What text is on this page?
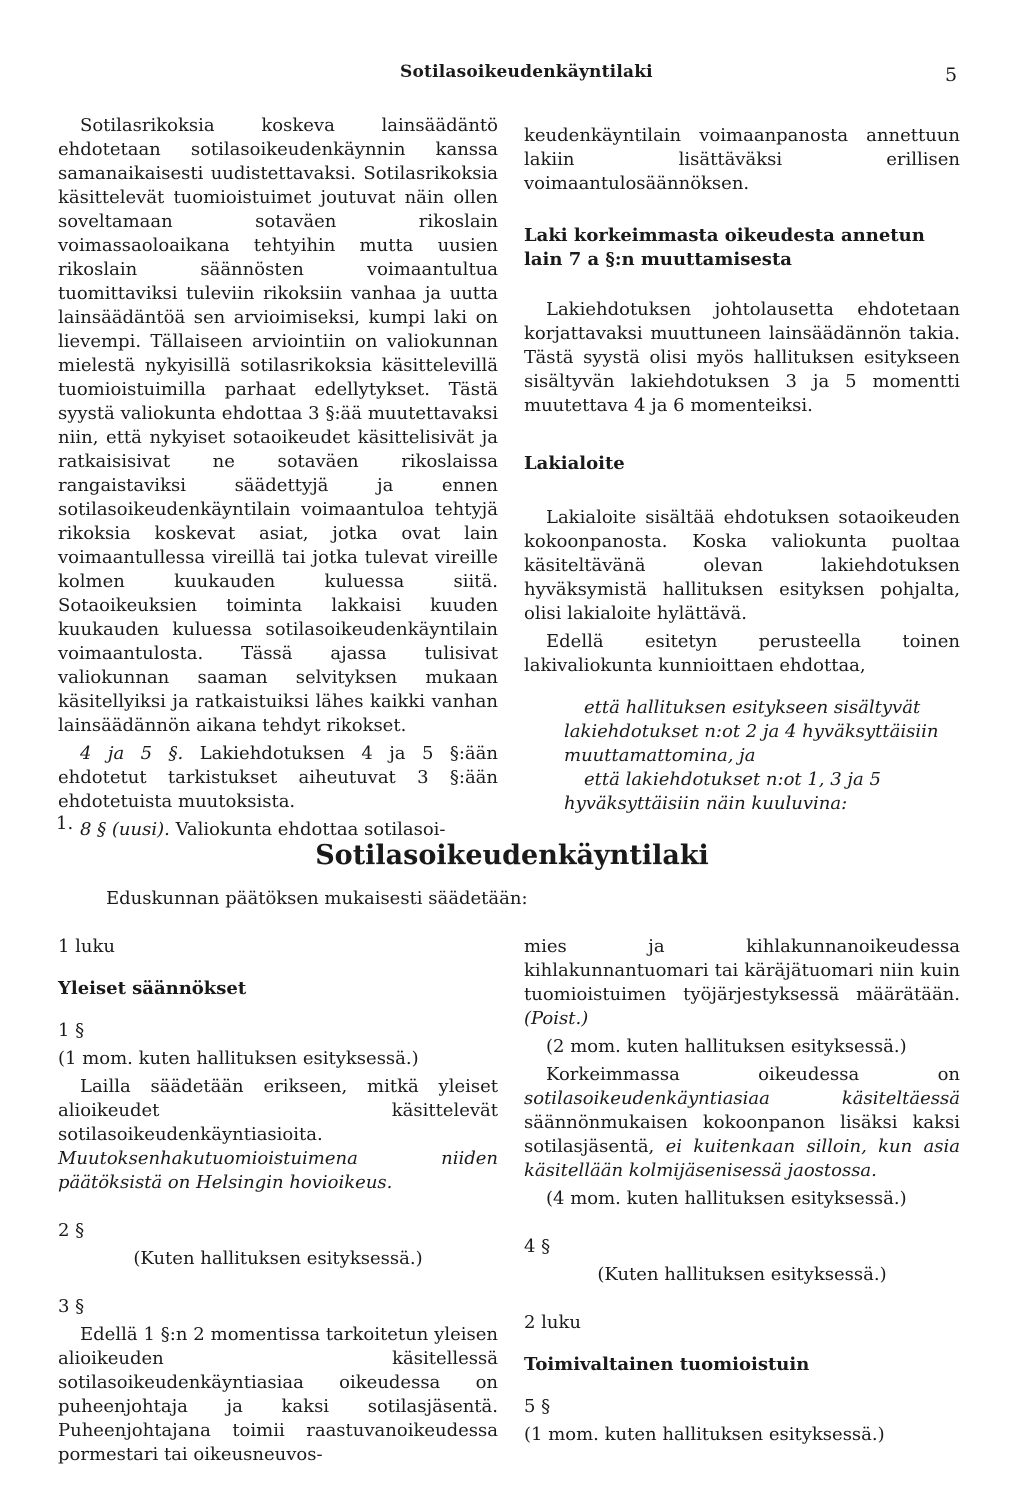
Sotilasoikeudenkäyntilaki	5

Sotilasrikoksia koskeva lainsäädäntö ehdotetaan sotilasoikeudenkäynnin kanssa samanaikaisesti uudistettavaksi. Sotilasrikoksia käsittelevät tuomioistuimet joutuvat näin ollen soveltamaan sotaväen rikoslain voimassaoloaikana tehtyihin mutta uusien rikoslain säännösten voimaantultua tuomittaviksi tuleviin rikoksiin vanhaa ja uutta lainsäädäntöä sen arvioimiseksi, kumpi laki on lievempi. Tällaiseen arviointiin on valiokunnan mielestä nykyisillä sotilasrikoksia käsittelevillä tuomioistuimilla parhaat edellytykset. Tästä syystä valiokunta ehdottaa 3 §:ää muutettavaksi niin, että nykyiset sotaoikeudet käsittelisivät ja ratkaisisivat ne sotaväen rikoslaissa rangaistaviksi säädettyjä ja ennen sotilasoikeudenkäyntilain voimaantuloa tehtyjä rikoksia koskevat asiat, jotka ovat lain voimaantullessa vireillä tai jotka tulevat vireille kolmen kuukauden kuluessa siitä. Sotaoikeuksien toiminta lakkaisi kuuden kuukauden kuluessa sotilasoikeudenkäyntilain voimaantulosta. Tässä ajassa tulisivat valiokunnan saaman selvityksen mukaan käsitellyiksi ja ratkaistuiksi lähes kaikki vanhan lainsäädännön aikana tehdyt rikokset.

4 ja 5 §. Lakiehdotuksen 4 ja 5 §:ään ehdotetut tarkistukset aiheutuvat 3 §:ään ehdotetuista muutoksista.

8 § (uusi). Valiokunta ehdottaa sotilasoi-

keudenkäyntilain voimaanpanosta annettuun lakiin lisättäväksi erillisen voimaantulosäännöksen.

Laki korkeimmasta oikeudesta annetun lain 7 a §:n muuttamisesta

Lakiehdotuksen johtolausetta ehdotetaan korjattavaksi muuttuneen lainsäädännön takia. Tästä syystä olisi myös hallituksen esitykseen sisältyvän lakiehdotuksen 3 ja 5 momentti muutettava 4 ja 6 momenteiksi.

Lakialoite

Lakialoite sisältää ehdotuksen sotaoikeuden kokoonpanosta. Koska valiokunta puoltaa käsiteltävänä olevan lakiehdotuksen hyväksymistä hallituksen esityksen pohjalta, olisi lakialoite hylättävä.

Edellä esitetyn perusteella toinen lakivaliokunta kunnioittaen ehdottaa,

että hallituksen esitykseen sisältyvät
lakiehdotukset n:ot 2 ja 4 hyväksyttäisiin muuttamattomina, ja
että lakiehdotukset n:ot 1, 3 ja 5
hyväksyttäisiin näin kuuluvina:
1.
Sotilasoikeudenkäyntilaki
Eduskunnan päätöksen mukaisesti säädetään:

1 luku

Yleiset säännökset

1 §

(1 mom. kuten hallituksen esityksessä.)

Lailla säädetään erikseen, mitkä yleiset alioikeudet käsittelevät sotilasoikeudenkäyntiasioita. Muutoksenhakutuomioistuimena niiden päätöksistä on Helsingin hovioikeus.

2 §

(Kuten hallituksen esityksessä.)

3 §

Edellä 1 §:n 2 momentissa tarkoitetun yleisen alioikeuden käsitellessä sotilasoikeudenkäyntiasiaa oikeudessa on puheenjohtaja ja kaksi sotilasjäsentä. Puheenjohtajana toimii raastuvanoikeudessa pormestari tai oikeusneuvos-

mies ja kihlakunnanoikeudessa kihlakunnantuomari tai käräjätuomari niin kuin tuomioistuimen työjärjestyksessä määrätään. (Poist.)

(2 mom. kuten hallituksen esityksessä.)

Korkeimmassa oikeudessa on sotilasoikeudenkäyntiasiaa käsiteltäessä säännönmukaisen kokoonpanon lisäksi kaksi sotilasjäsentä, ei kuitenkaan silloin, kun asia käsitellään kolmijäsenisessä jaostossa.

(4 mom. kuten hallituksen esityksessä.)

4 §

(Kuten hallituksen esityksessä.)

2 luku

Toimivaltainen tuomioistuin

5 §

(1 mom. kuten hallituksen esityksessä.)
